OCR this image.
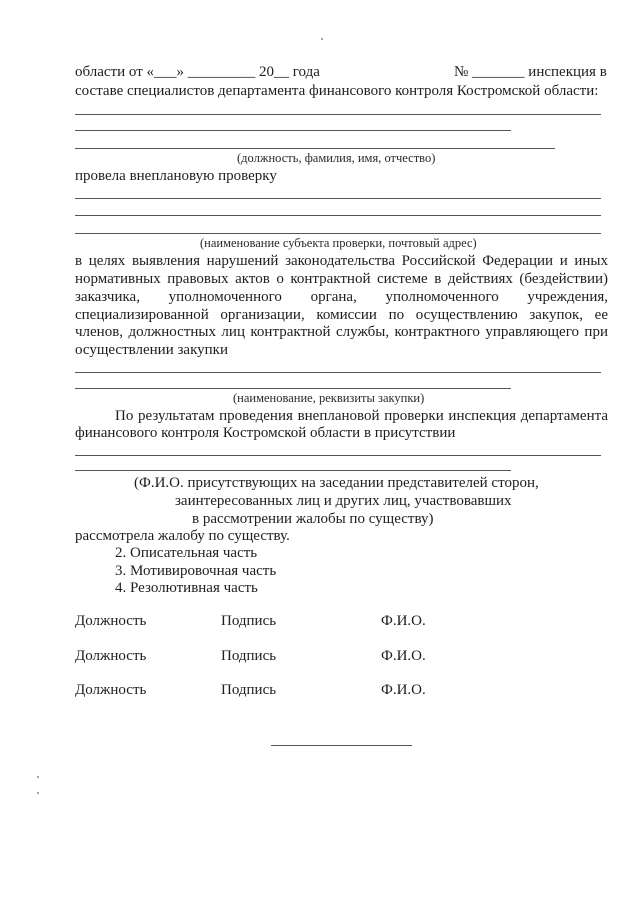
области от «___» _________ 20__ года	№ _______ инспекция в
составе специалистов департамента финансового контроля Костромской области:
(должность, фамилия, имя, отчество)
провела внеплановую проверку
(наименование субъекта проверки, почтовый адрес)
в целях выявления нарушений законодательства Российской Федерации и иных
нормативных правовых актов о контрактной системе в действиях (бездействии)
заказчика, уполномоченного органа, уполномоченного учреждения,
специализированной организации, комиссии по осуществлению закупок, ее
членов, должностных лиц контрактной службы, контрактного управляющего при
осуществлении закупки
(наименование, реквизиты закупки)
По результатам проведения внеплановой проверки инспекция департамента
финансового контроля Костромской области в присутствии
(Ф.И.О. присутствующих на заседании представителей сторон,
заинтересованных лиц и других лиц, участвовавших
в рассмотрении жалобы по существу)
рассмотрела жалобу по существу.
2. Описательная часть
3. Мотивировочная часть
4. Резолютивная часть
Должность	Подпись	Ф.И.О.
Должность	Подпись	Ф.И.О.
Должность	Подпись	Ф.И.О.
